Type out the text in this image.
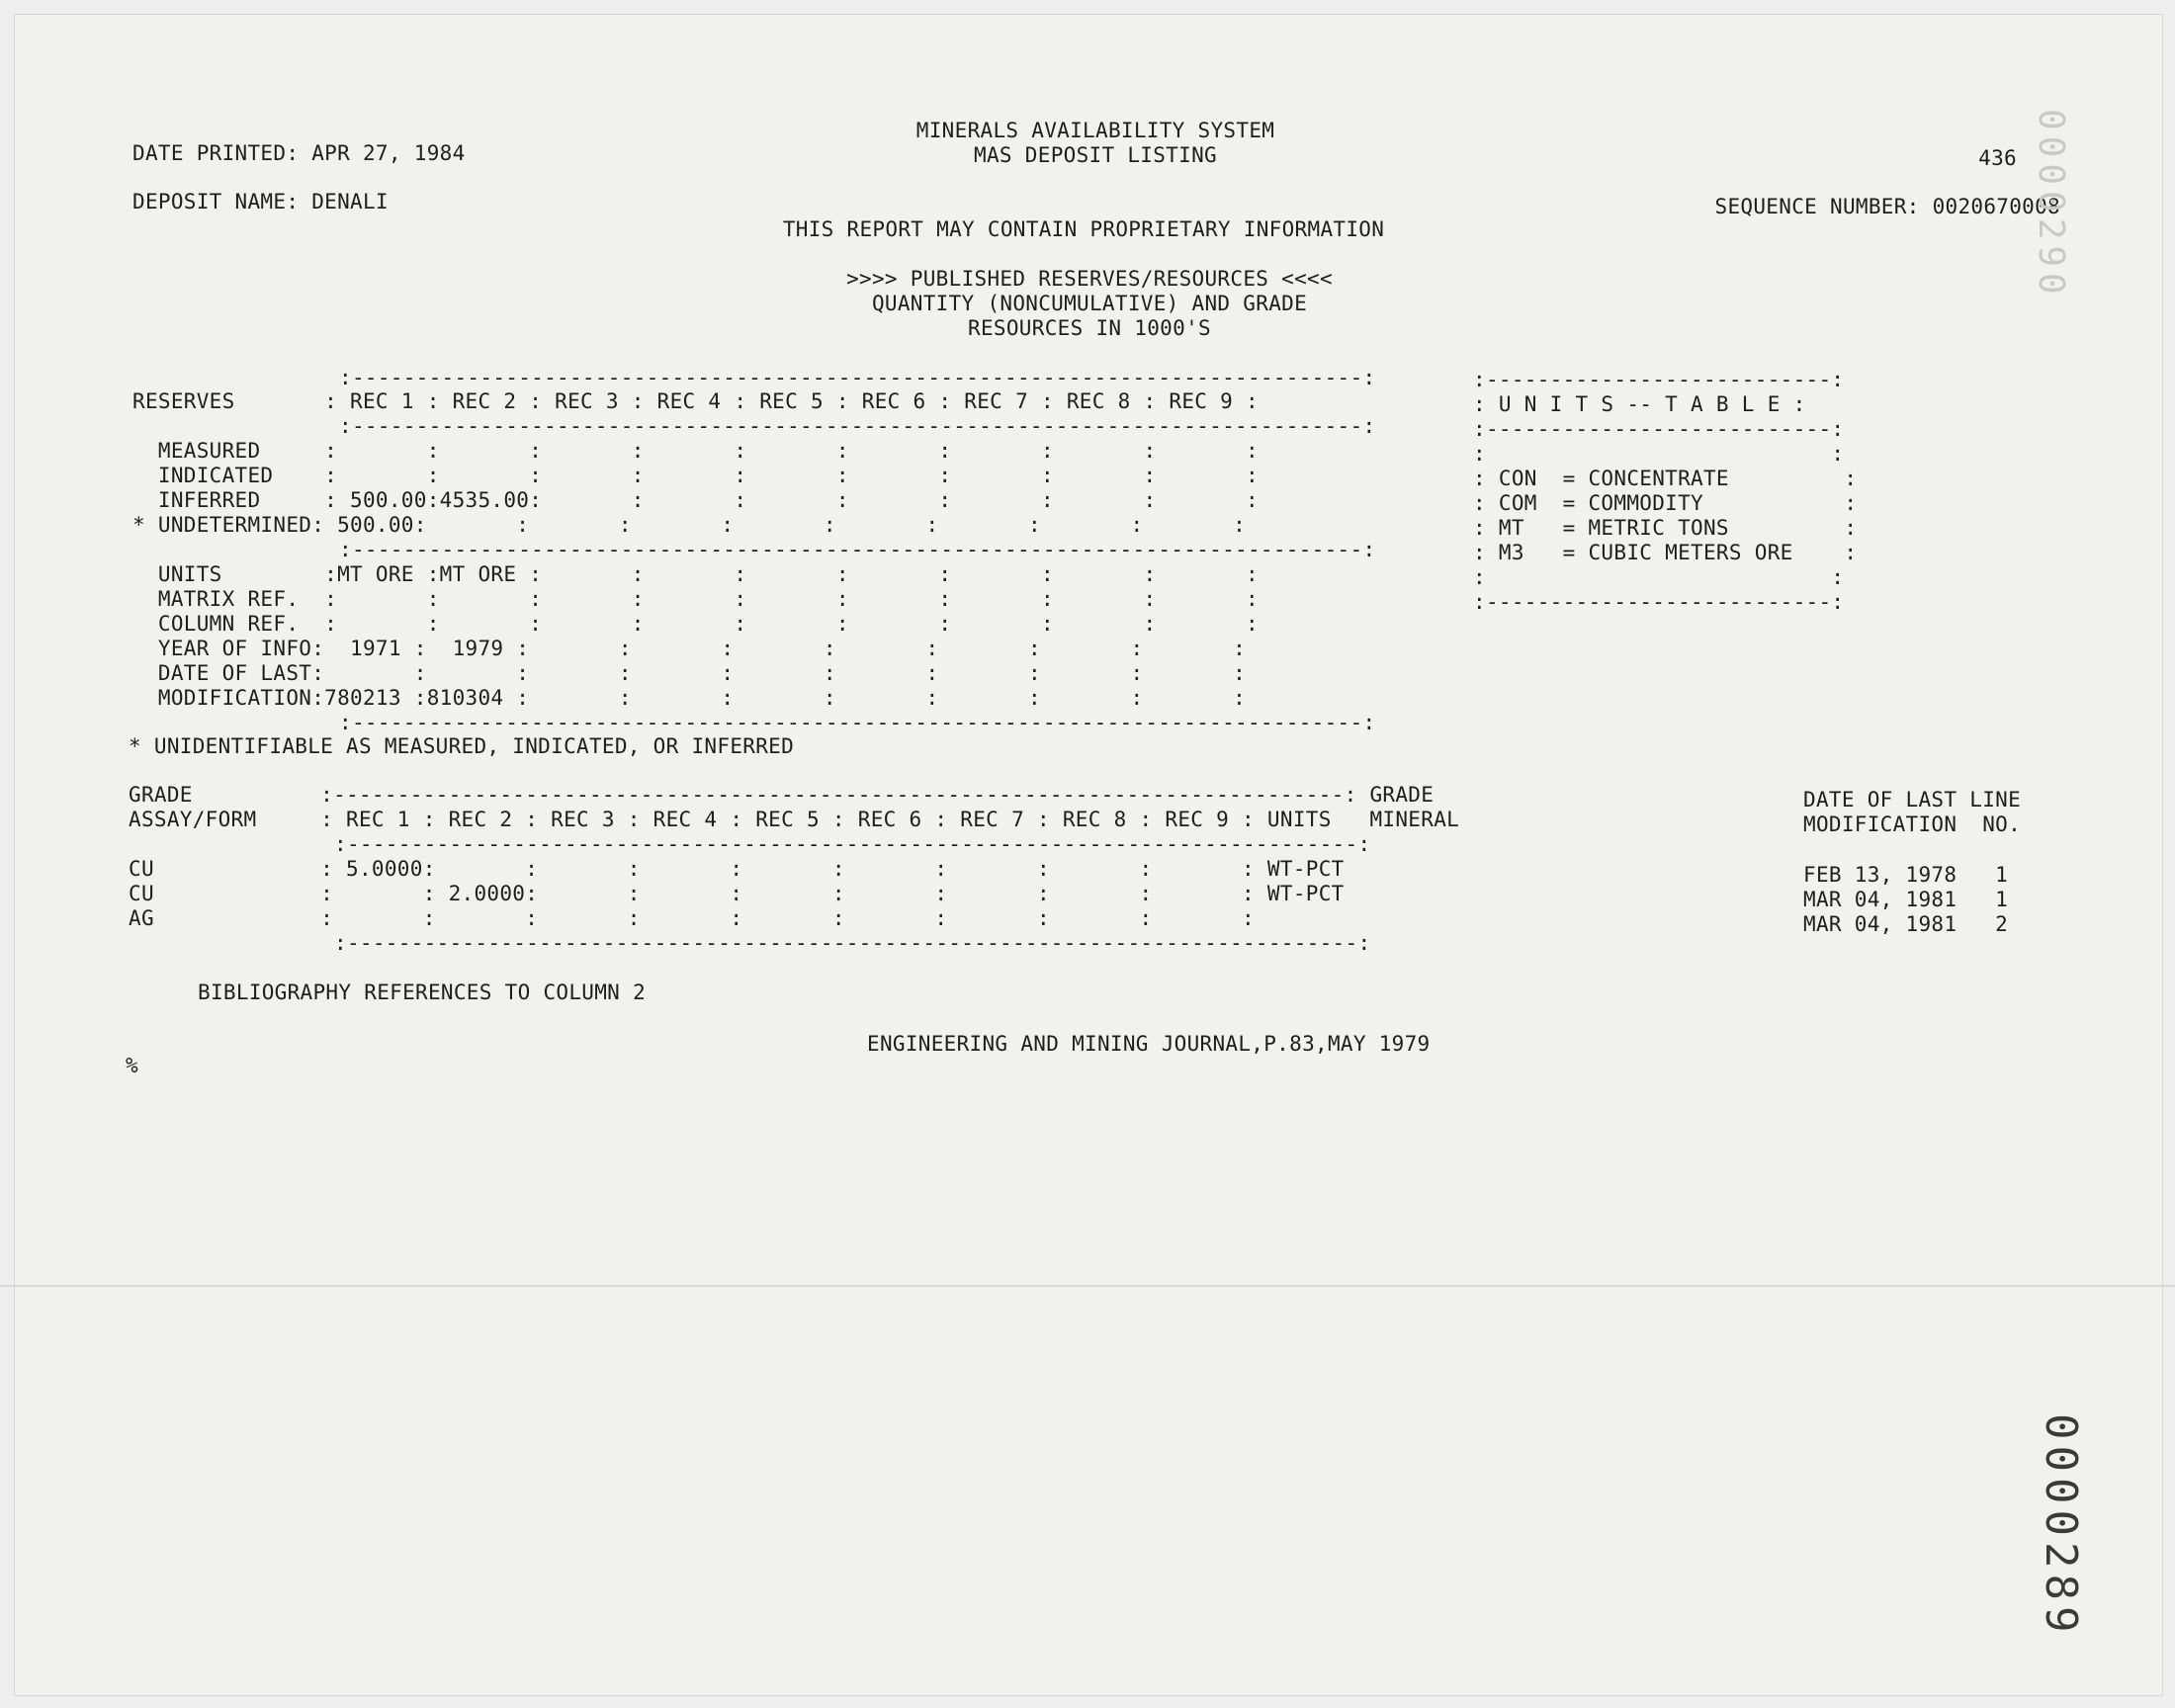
MINERALS AVAILABILITY SYSTEM
MAS DEPOSIT LISTING
DATE PRINTED: APR 27, 1984	436
DEPOSIT NAME: DENALI	SEQUENCE NUMBER: 0020670008
THIS REPORT MAY CONTAIN PROPRIETARY INFORMATION
>>>> PUBLISHED RESERVES/RESOURCES <<<<
QUANTITY (NONCUMULATIVE) AND GRADE
RESOURCES IN 1000'S
:-------------------------------------------------------------------------------:
RESERVES       : REC 1 : REC 2 : REC 3 : REC 4 : REC 5 : REC 6 : REC 7 : REC 8 : REC 9 :
:-------------------------------------------------------------------------------:
MEASURED     :       :       :       :       :       :       :       :       :       :
INDICATED    :       :       :       :       :       :       :       :       :       :
INFERRED     : 500.00:4535.00:       :       :       :       :       :       :       :
* UNDETERMINED: 500.00:       :       :       :       :       :       :       :       :
:-------------------------------------------------------------------------------:
UNITS        :MT ORE :MT ORE :       :       :       :       :       :       :       :
MATRIX REF.  :       :       :       :       :       :       :       :       :       :
COLUMN REF.  :       :       :       :       :       :       :       :       :       :
YEAR OF INFO:  1971 :  1979 :       :       :       :       :       :       :       :
DATE OF LAST:       :       :       :       :       :       :       :       :       :
MODIFICATION:780213 :810304 :       :       :       :       :       :       :       :
:-------------------------------------------------------------------------------:
:---------------------------:
: U N I T S -- T A B L E :
:---------------------------:
:                           :
: CON  = CONCENTRATE         :
: COM  = COMMODITY           :
: MT   = METRIC TONS         :
: M3   = CUBIC METERS ORE    :
:                           :
:---------------------------:
* UNIDENTIFIABLE AS MEASURED, INDICATED, OR INFERRED
GRADE          :-------------------------------------------------------------------------------: GRADE
ASSAY/FORM     : REC 1 : REC 2 : REC 3 : REC 4 : REC 5 : REC 6 : REC 7 : REC 8 : REC 9 : UNITS   MINERAL
:-------------------------------------------------------------------------------:
CU             : 5.0000:       :       :       :       :       :       :       :       : WT-PCT
CU             :       : 2.0000:       :       :       :       :       :       :       : WT-PCT
AG             :       :       :       :       :       :       :       :       :       :
:-------------------------------------------------------------------------------:
DATE OF LAST LINE
MODIFICATION  NO.
FEB 13, 1978   1
MAR 04, 1981   1
MAR 04, 1981   2
BIBLIOGRAPHY REFERENCES TO COLUMN 2
ENGINEERING AND MINING JOURNAL,P.83,MAY 1979
%
0000289
0000290
